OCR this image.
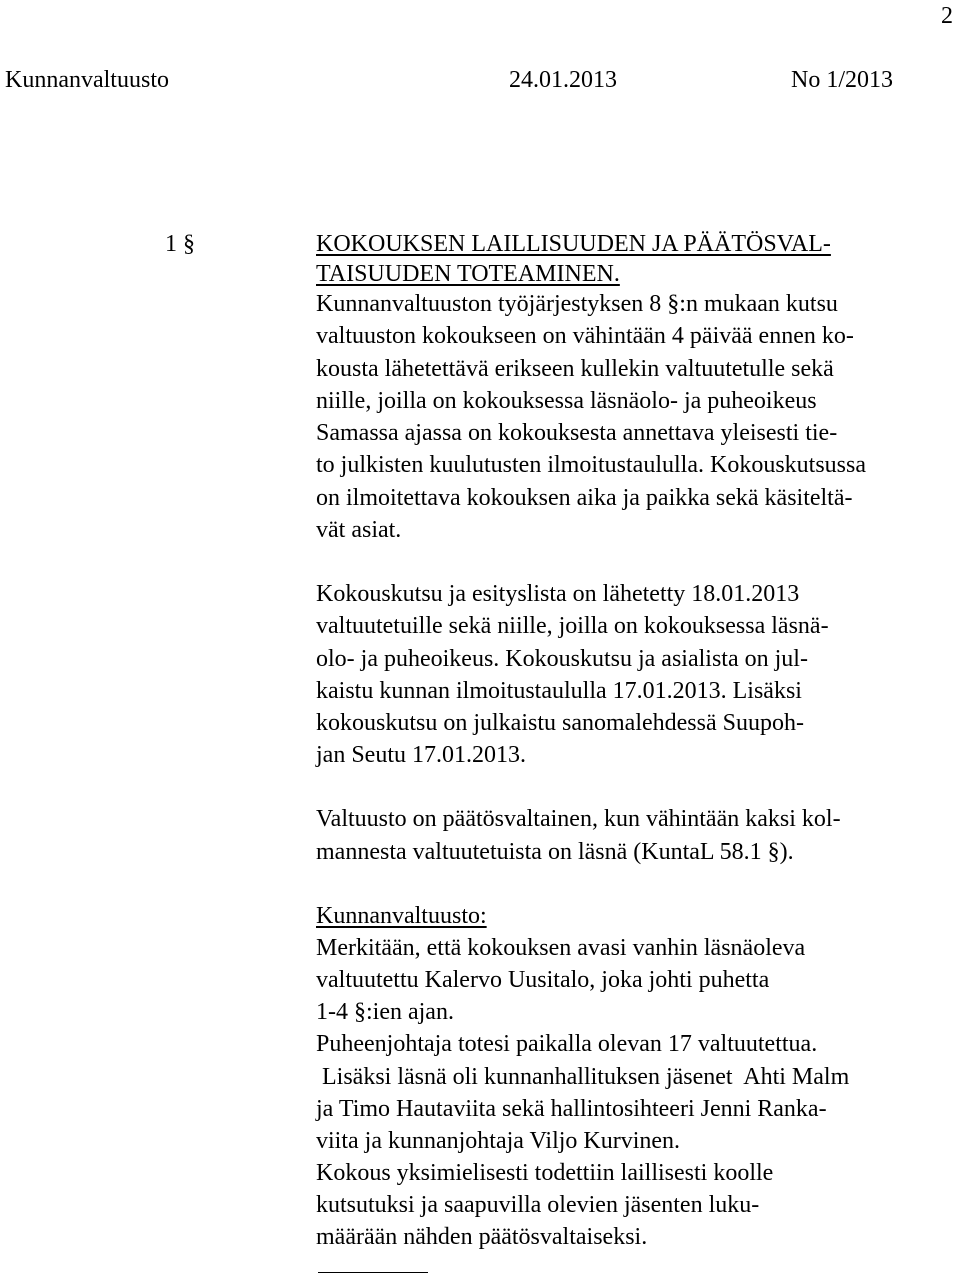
2
Kunnanvaltuusto	24.01.2013	No 1/2013
1 §	KOKOUKSEN LAILLISUUDEN JA PÄÄTÖSVAL-
TAISUUDEN TOTEAMINEN.
Kunnanvaltuuston työjärjestyksen 8 §:n mukaan kutsu
valtuuston kokoukseen on vähintään 4 päivää ennen ko-
kousta lähetettävä erikseen kullekin valtuutetulle sekä
niille, joilla on kokouksessa läsnäolo- ja puheoikeus
Samassa ajassa on kokouksesta annettava yleisesti tie-
to julkisten kuulutusten ilmoitustaululla. Kokouskutsussa
on ilmoitettava kokouksen aika ja paikka sekä käsiteltä-
vät asiat.
Kokouskutsu ja esityslista on lähetetty 18.01.2013
valtuutetuille sekä niille, joilla on kokouksessa läsnä-
olo- ja puheoikeus. Kokouskutsu ja asialista on jul-
kaistu kunnan ilmoitustaululla 17.01.2013. Lisäksi
kokouskutsu on julkaistu sanomalehdessä Suupoh-
jan Seutu 17.01.2013.
Valtuusto on päätösvaltainen, kun vähintään kaksi kol-
mannesta valtuutetuista on läsnä (KuntaL 58.1 §).
Kunnanvaltuusto:
Merkitään, että kokouksen avasi vanhin läsnäoleva
valtuutettu Kalervo Uusitalo, joka johti puhetta
1-4 §:ien ajan.
Puheenjohtaja totesi paikalla olevan 17 valtuutettua.
Lisäksi läsnä oli kunnanhallituksen jäsenet  Ahti Malm
ja Timo Hautaviita sekä hallintosihteeri Jenni Ranka-
viita ja kunnanjohtaja Viljo Kurvinen.
Kokous yksimielisesti todettiin laillisesti koolle
kutsutuksi ja saapuvilla olevien jäsenten luku-
määrään nähden päätösvaltaiseksi.
